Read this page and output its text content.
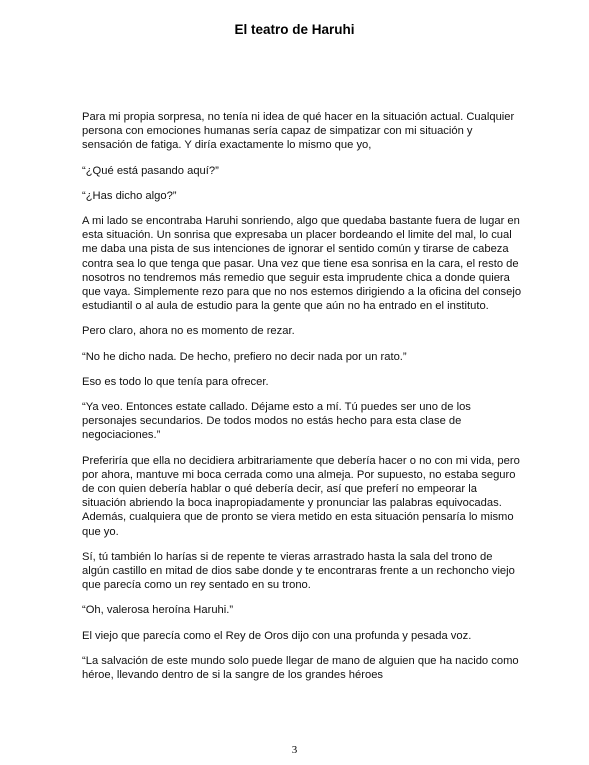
El teatro de Haruhi

Para mi propia sorpresa, no tenía ni idea de qué hacer en la situación actual. Cualquier persona con emociones humanas sería capaz de simpatizar con mi situación y sensación de fatiga. Y diría exactamente lo mismo que yo,

“¿Qué está pasando aquí?”

“¿Has dicho algo?”

A mi lado se encontraba Haruhi sonriendo, algo que quedaba bastante fuera de lugar en esta situación. Un sonrisa que expresaba un placer bordeando el limite del mal, lo cual me daba una pista de sus intenciones de ignorar el sentido común y tirarse de cabeza contra sea lo que tenga que pasar. Una vez que tiene esa sonrisa en la cara, el resto de nosotros no tendremos más remedio que seguir esta imprudente chica a donde quiera que vaya. Simplemente rezo para que no nos estemos dirigiendo a la oficina del consejo estudiantil o al aula de estudio para la gente que aún no ha entrado en el instituto.

Pero claro, ahora no es momento de rezar.

“No he dicho nada. De hecho, prefiero no decir nada por un rato.”

Eso es todo lo que tenía para ofrecer.

“Ya veo. Entonces estate callado. Déjame esto a mí. Tú puedes ser uno de los personajes secundarios. De todos modos no estás hecho para esta clase de negociaciones.”

Preferiría que ella no decidiera arbitrariamente que debería hacer o no con mi vida, pero por ahora, mantuve mi boca cerrada como una almeja. Por supuesto, no estaba seguro de con quien debería hablar o qué debería decir, así que preferí no empeorar la situación abriendo la boca inapropiadamente y pronunciar las palabras equivocadas. Además, cualquiera que de pronto se viera metido en esta situación pensaría lo mismo que yo.

Sí, tú también lo harías si de repente te vieras arrastrado hasta la sala del trono de algún castillo en mitad de dios sabe donde y te encontraras frente a un rechoncho viejo que parecía como un rey sentado en su trono.

“Oh, valerosa heroína Haruhi.”

El viejo que parecía como el Rey de Oros dijo con una profunda y pesada voz.

“La salvación de este mundo solo puede llegar de mano de alguien que ha nacido como héroe, llevando dentro de si la sangre de los grandes héroes

3
